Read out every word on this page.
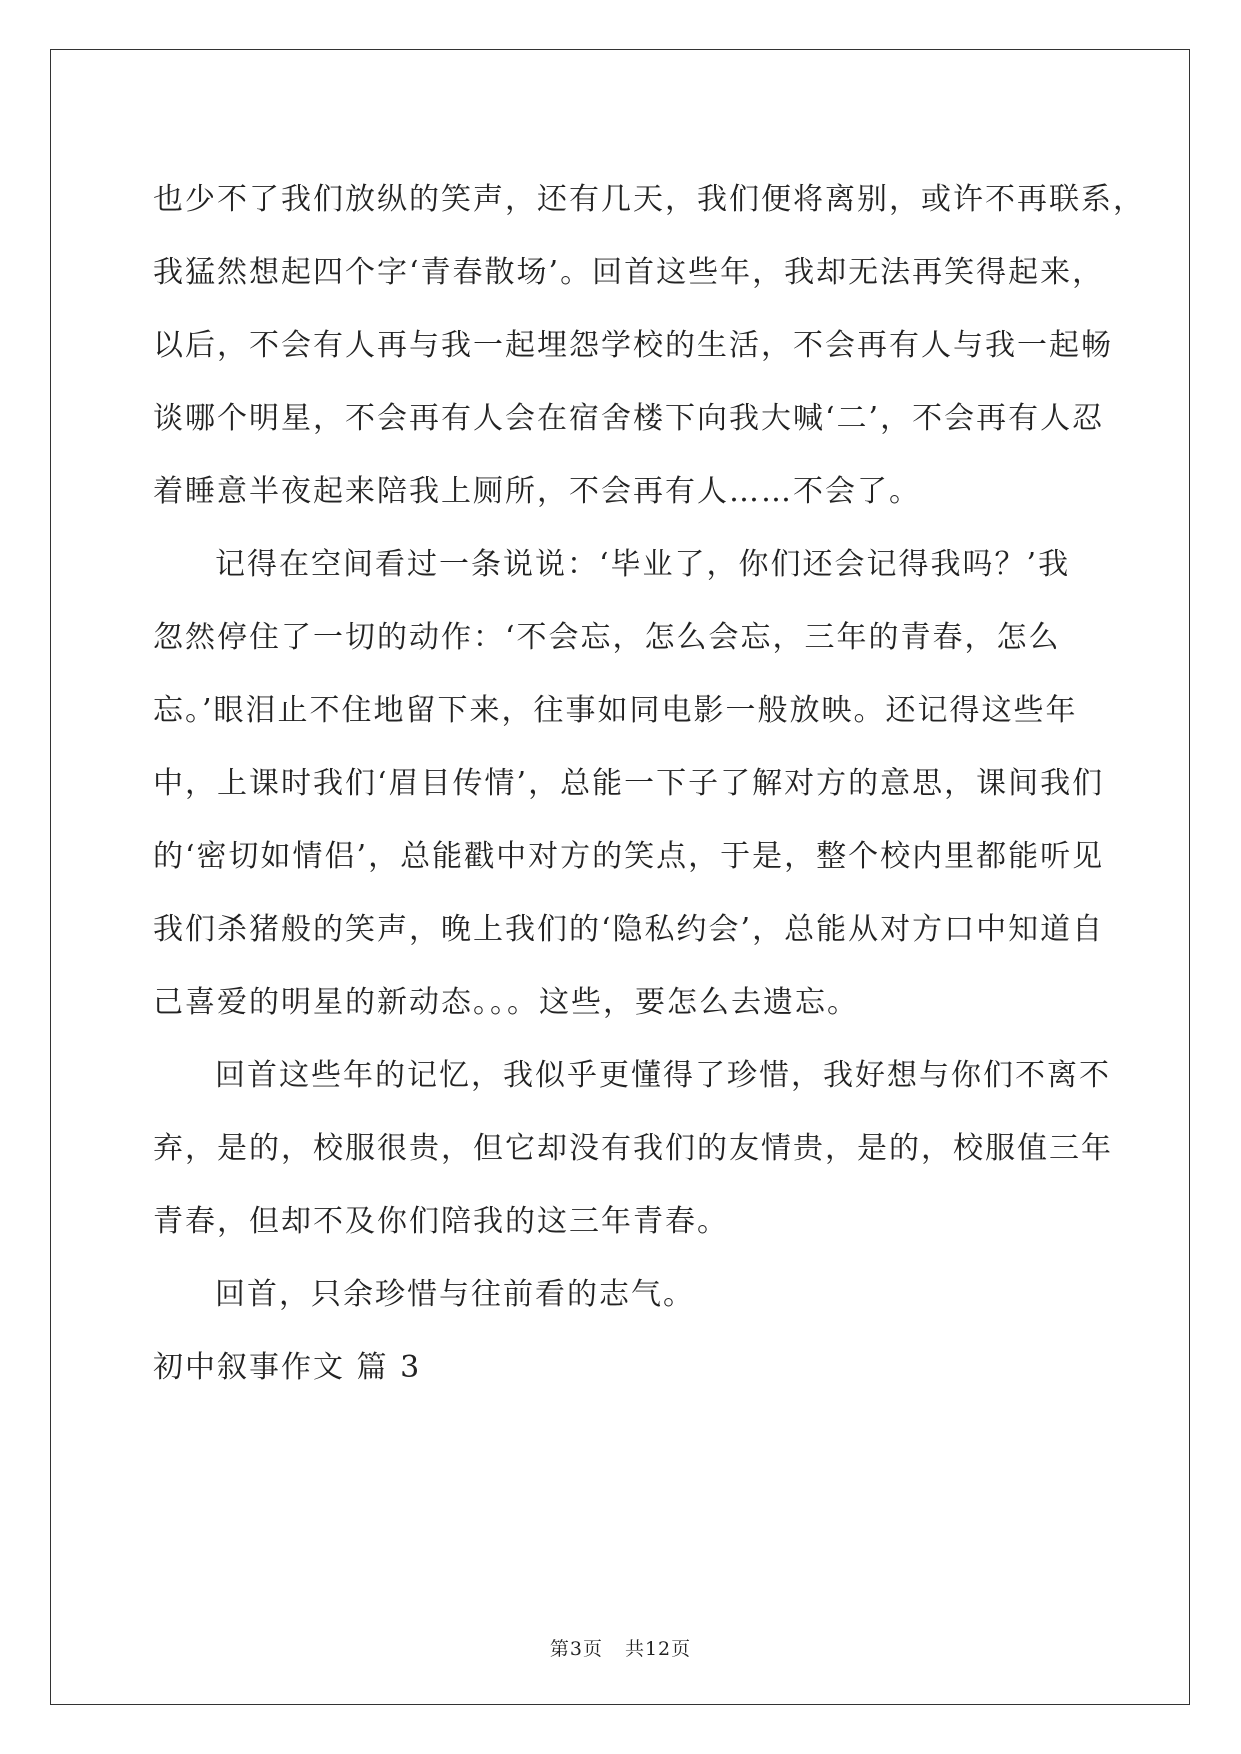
也少不了我们放纵的笑声，还有几天，我们便将离别，或许不再联系，
我猛然想起四个字‘青春散场’。回首这些年，我却无法再笑得起来，
以后，不会有人再与我一起埋怨学校的生活，不会再有人与我一起畅
谈哪个明星，不会再有人会在宿舍楼下向我大喊‘二’，不会再有人忍
着睡意半夜起来陪我上厕所，不会再有人……不会了。
记得在空间看过一条说说：‘毕业了，你们还会记得我吗？’我
忽然停住了一切的动作：‘不会忘，怎么会忘，三年的青春，怎么
忘。’眼泪止不住地留下来，往事如同电影一般放映。还记得这些年
中，上课时我们‘眉目传情’，总能一下子了解对方的意思，课间我们
的‘密切如情侣’，总能戳中对方的笑点，于是，整个校内里都能听见
我们杀猪般的笑声，晚上我们的‘隐私约会’，总能从对方口中知道自
己喜爱的明星的新动态。。。这些，要怎么去遗忘。
回首这些年的记忆，我似乎更懂得了珍惜，我好想与你们不离不
弃，是的，校服很贵，但它却没有我们的友情贵，是的，校服值三年
青春，但却不及你们陪我的这三年青春。
回首，只余珍惜与往前看的志气。
初中叙事作文 篇 3
第3页 共12页
